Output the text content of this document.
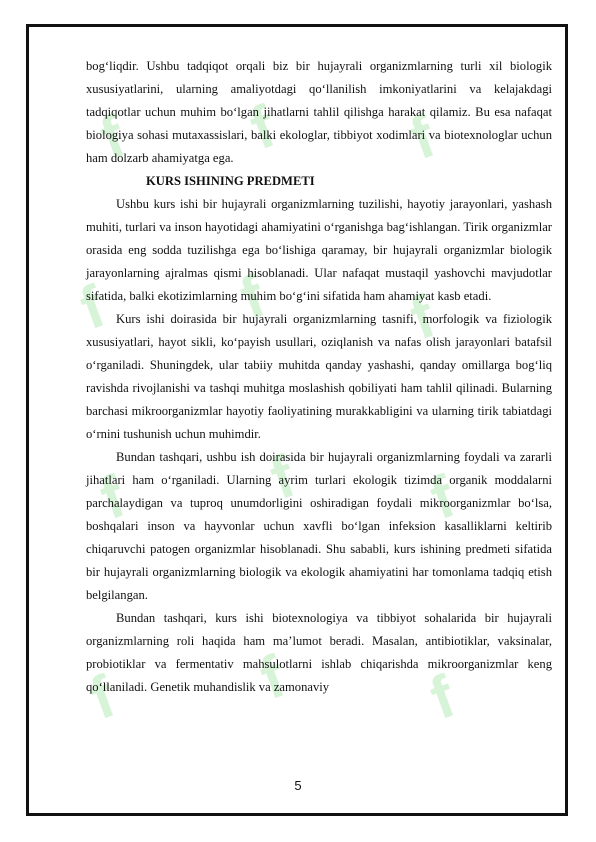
f f f
f f f
f f f
f f f

bog‘liqdir. Ushbu tadqiqot orqali biz bir hujayrali organizmlarning turli xil biologik xususiyatlarini, ularning amaliyotdagi qo‘llanilish imkoniyatlarini va kelajakdagi tadqiqotlar uchun muhim bo‘lgan jihatlarni tahlil qilishga harakat qilamiz. Bu esa nafaqat biologiya sohasi mutaxassislari, balki ekologlar, tibbiyot xodimlari va biotexnologlar uchun ham dolzarb ahamiyatga ega.

KURS ISHINING PREDMETI

Ushbu kurs ishi bir hujayrali organizmlarning tuzilishi, hayotiy jarayonlari, yashash muhiti, turlari va inson hayotidagi ahamiyatini o‘rganishga bag‘ishlangan. Tirik organizmlar orasida eng sodda tuzilishga ega bo‘lishiga qaramay, bir hujayrali organizmlar biologik jarayonlarning ajralmas qismi hisoblanadi. Ular nafaqat mustaqil yashovchi mavjudotlar sifatida, balki ekotizimlarning muhim bo‘g‘ini sifatida ham ahamiyat kasb etadi.

Kurs ishi doirasida bir hujayrali organizmlarning tasnifi, morfologik va fiziologik xususiyatlari, hayot sikli, ko‘payish usullari, oziqlanish va nafas olish jarayonlari batafsil o‘rganiladi. Shuningdek, ular tabiiy muhitda qanday yashashi, qanday omillarga bog‘liq ravishda rivojlanishi va tashqi muhitga moslashish qobiliyati ham tahlil qilinadi. Bularning barchasi mikroorganizmlar hayotiy faoliyatining murakkabligini va ularning tirik tabiatdagi o‘rnini tushunish uchun muhimdir.

Bundan tashqari, ushbu ish doirasida bir hujayrali organizmlarning foydali va zararli jihatlari ham o‘rganiladi. Ularning ayrim turlari ekologik tizimda organik moddalarni parchalaydigan va tuproq unumdorligini oshiradigan foydali mikroorganizmlar bo‘lsa, boshqalari inson va hayvonlar uchun xavfli bo‘lgan infeksion kasalliklarni keltirib chiqaruvchi patogen organizmlar hisoblanadi. Shu sababli, kurs ishining predmeti sifatida bir hujayrali organizmlarning biologik va ekologik ahamiyatini har tomonlama tadqiq etish belgilangan.

Bundan tashqari, kurs ishi biotexnologiya va tibbiyot sohalarida bir hujayrali organizmlarning roli haqida ham ma’lumot beradi. Masalan, antibiotiklar, vaksinalar, probiotiklar va fermentativ mahsulotlarni ishlab chiqarishda mikroorganizmlar keng qo‘llaniladi. Genetik muhandislik va zamonaviy

5
